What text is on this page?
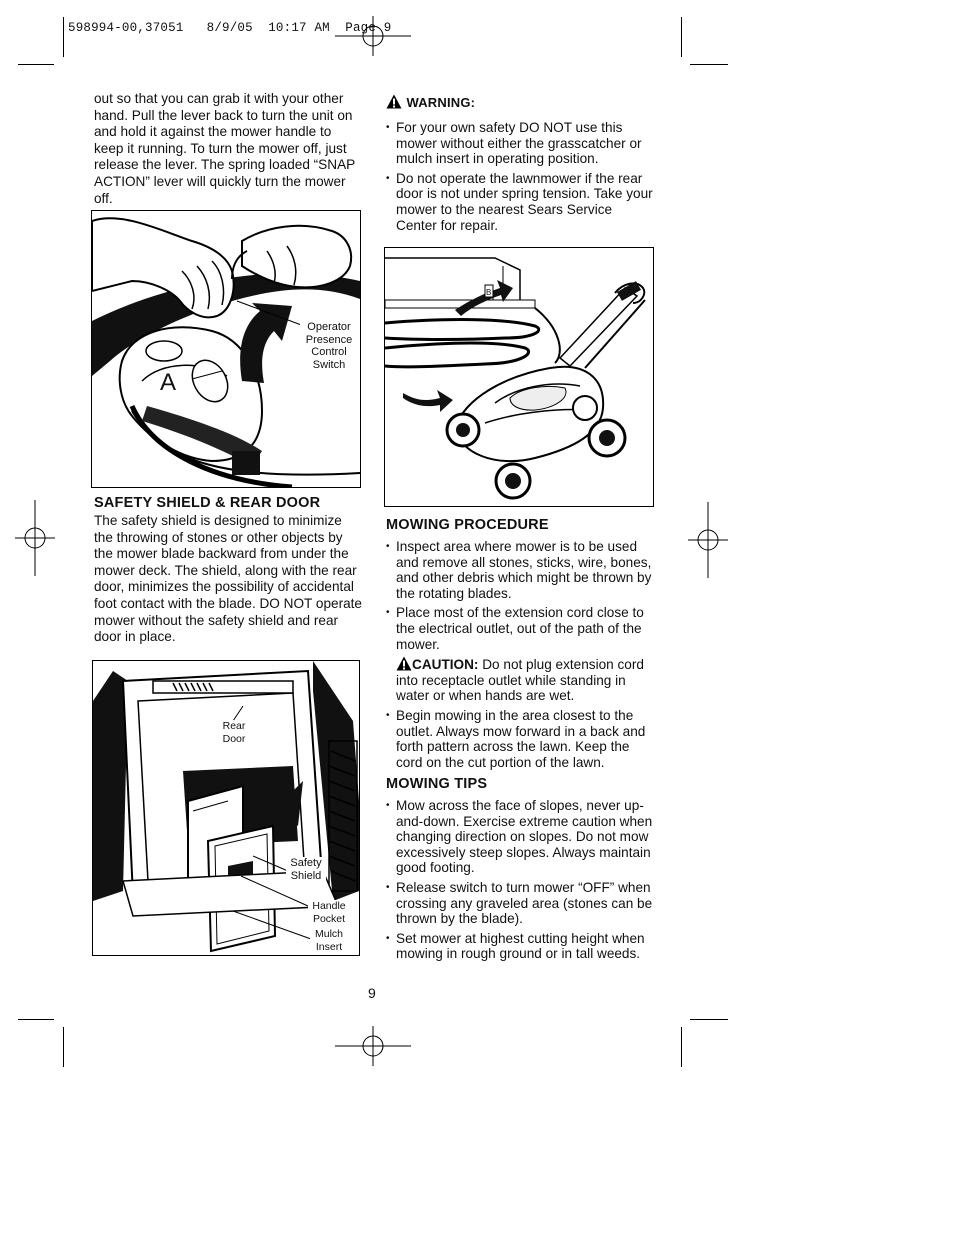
598994-00,37051   8/9/05  10:17 AM  Page 9
out so that you can grab it with your other hand. Pull the lever back to turn the unit on and hold it against the mower handle to keep it running. To turn the mower off, just release the lever. The spring loaded “SNAP ACTION” lever will quickly turn the mower off.
A
Operator Presence Control Switch
SAFETY SHIELD & REAR DOOR
The safety shield is designed to minimize the throwing of stones or other objects by the mower blade backward from under the mower deck. The shield, along with the rear door, minimizes the possibility of accidental foot contact with the blade. DO NOT operate mower without the safety shield and rear door in place.
Rear Door
Safety Shield
Handle Pocket
Mulch Insert
WARNING:
• For your own safety DO NOT use this mower without either the grasscatcher or mulch insert in operating position.
• Do not operate the lawnmower if the rear door is not under spring tension. Take your mower to the nearest Sears Service Center for repair.
B
MOWING PROCEDURE
• Inspect area where mower is to be used and remove all stones, sticks, wire, bones, and other debris which might be thrown by the rotating blades.
• Place most of the extension cord close to the electrical outlet, out of the path of the mower.
CAUTION: Do not plug extension cord into receptacle outlet while standing in water or when hands are wet.
• Begin mowing in the area closest to the outlet. Always mow forward in a back and forth pattern across the lawn. Keep the cord on the cut portion of the lawn.
MOWING TIPS
• Mow across the face of slopes, never up-and-down. Exercise extreme caution when changing direction on slopes. Do not mow excessively steep slopes. Always maintain good footing.
• Release switch to turn mower “OFF” when crossing any graveled area (stones can be thrown by the blade).
• Set mower at highest cutting height when mowing in rough ground or in tall weeds.
9
